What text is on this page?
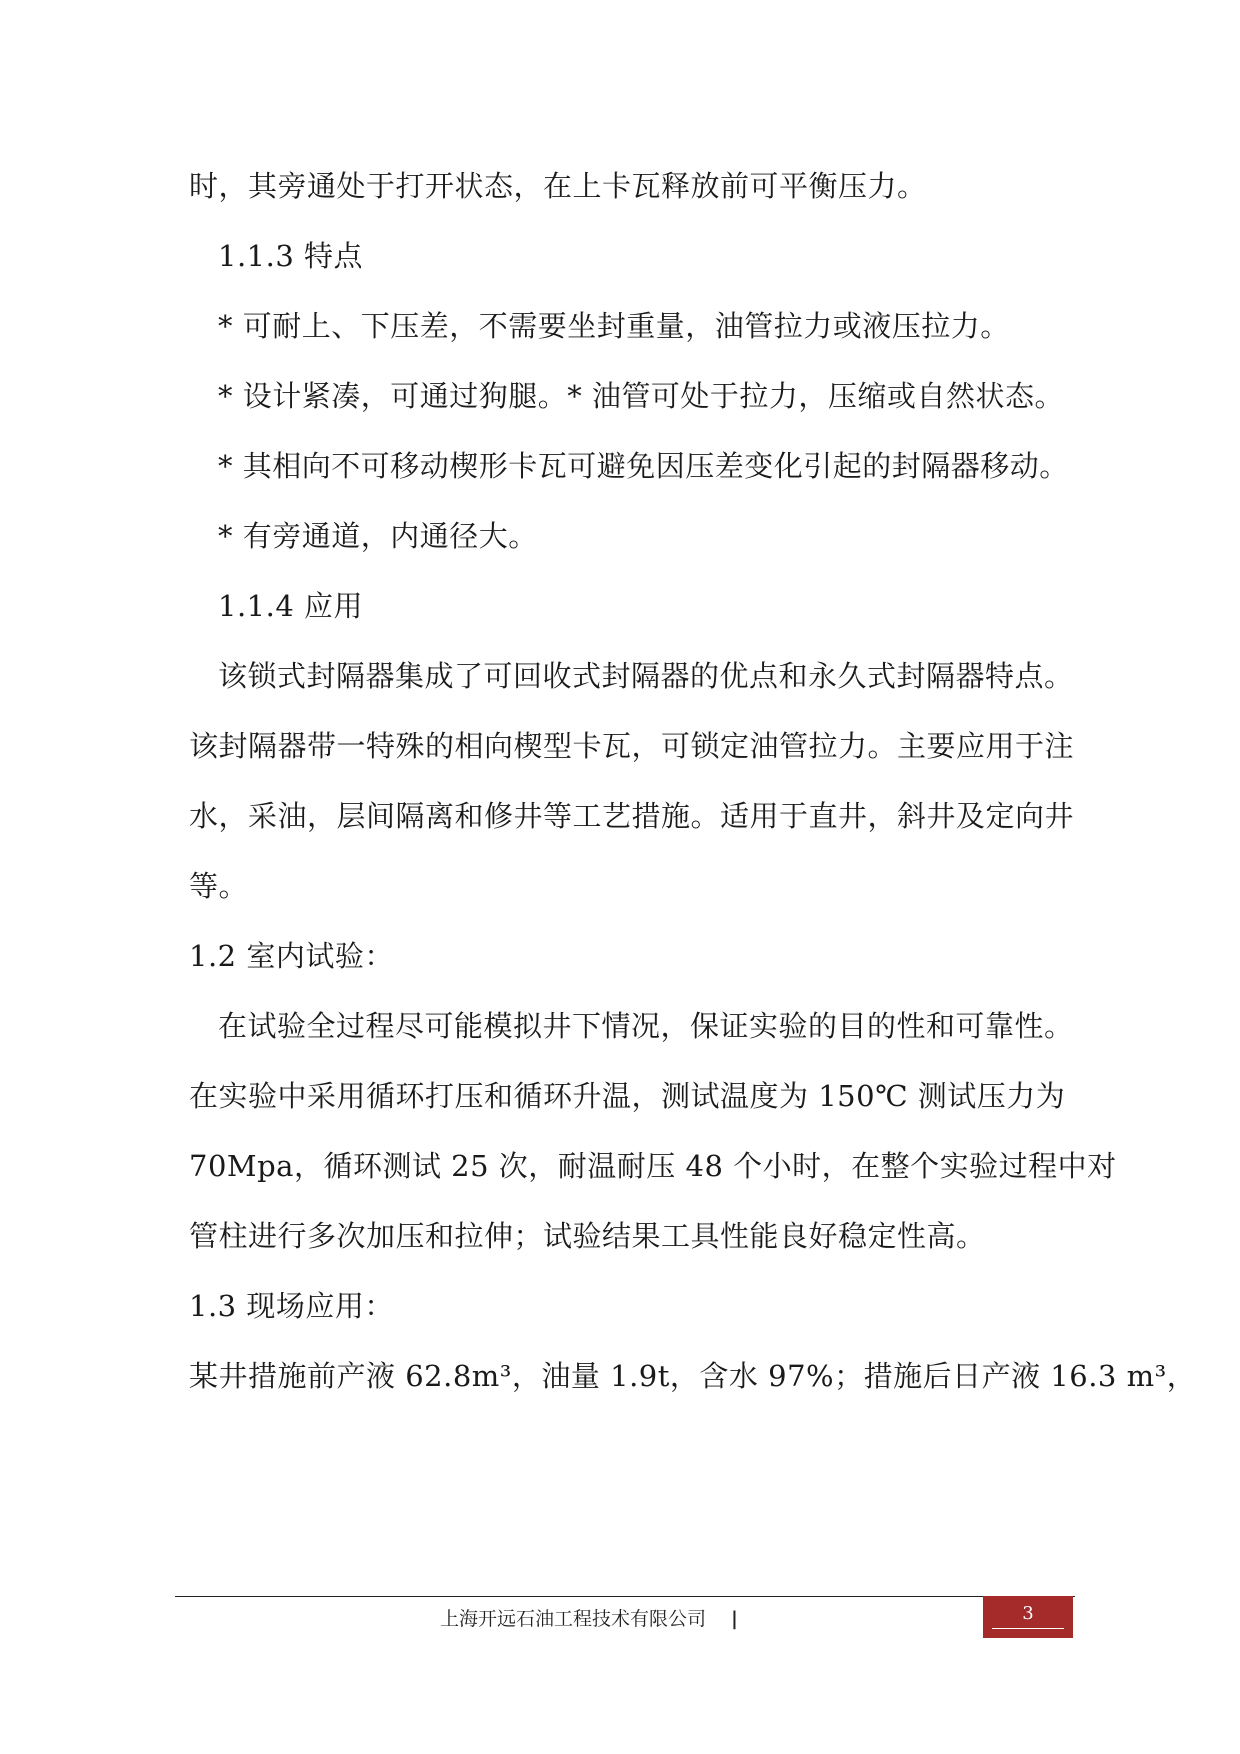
时，其旁通处于打开状态，在上卡瓦释放前可平衡压力。
1.1.3 特点
* 可耐上、下压差，不需要坐封重量，油管拉力或液压拉力。
* 设计紧凑，可通过狗腿。* 油管可处于拉力，压缩或自然状态。
* 其相向不可移动楔形卡瓦可避免因压差变化引起的封隔器移动。
* 有旁通道，内通径大。
1.1.4 应用
该锁式封隔器集成了可回收式封隔器的优点和永久式封隔器特点。
该封隔器带一特殊的相向楔型卡瓦，可锁定油管拉力。主要应用于注
水，采油，层间隔离和修井等工艺措施。适用于直井，斜井及定向井
等。
1.2 室内试验：
在试验全过程尽可能模拟井下情况，保证实验的目的性和可靠性。
在实验中采用循环打压和循环升温，测试温度为 150℃ 测试压力为
70Mpa，循环测试 25 次，耐温耐压 48 个小时，在整个实验过程中对
管柱进行多次加压和拉伸；试验结果工具性能良好稳定性高。
1.3 现场应用：
某井措施前产液 62.8m³，油量 1.9t，含水 97%；措施后日产液 16.3 m³，
上海开远石油工程技术有限公司 |	3
